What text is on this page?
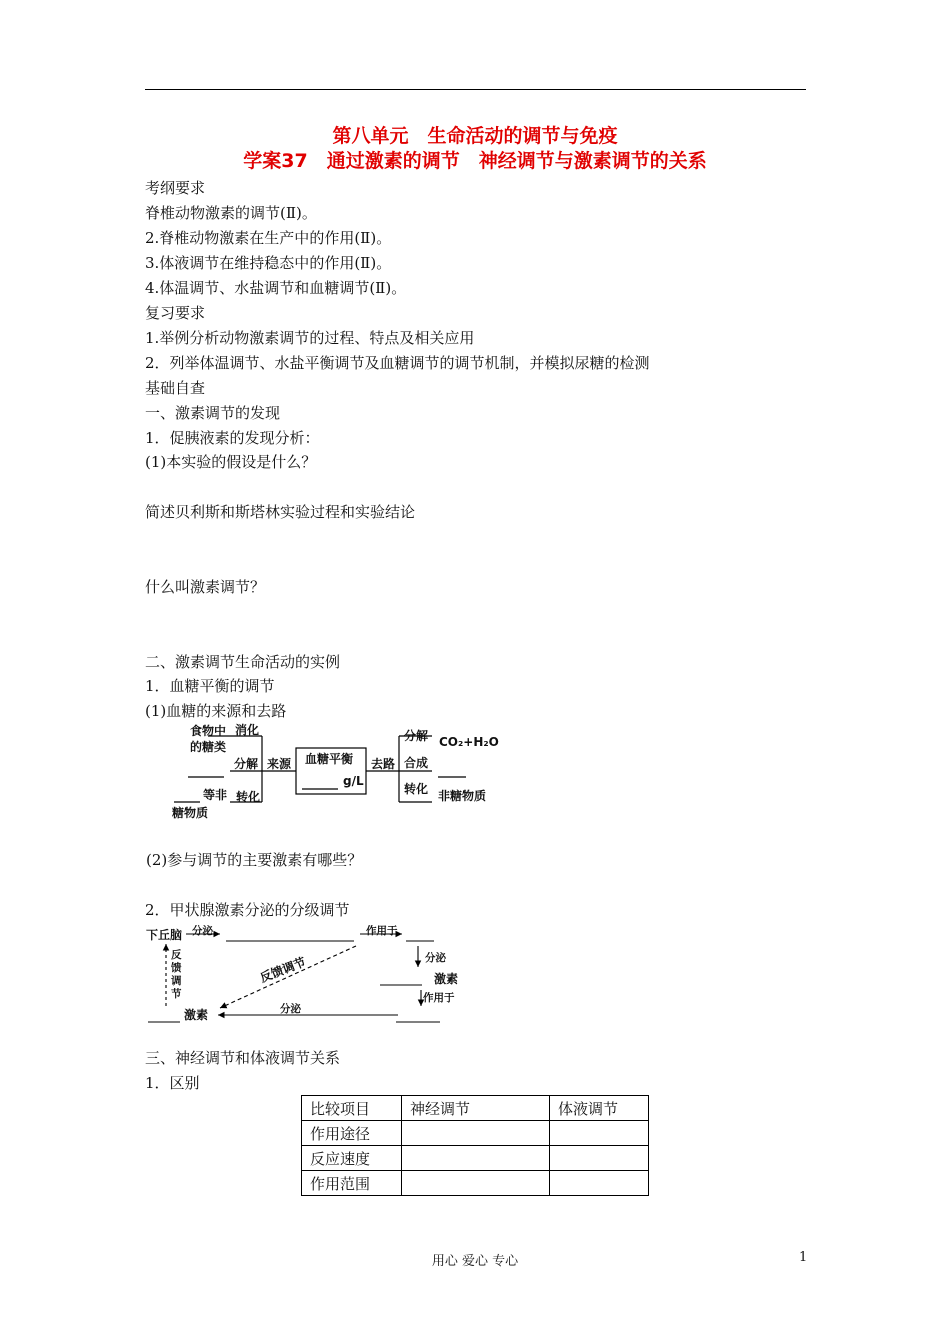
第八单元　生命活动的调节与免疫
学案37　通过激素的调节　神经调节与激素调节的关系
考纲要求
脊椎动物激素的调节(Ⅱ)。
2.脊椎动物激素在生产中的作用(Ⅱ)。
3.体液调节在维持稳态中的作用(Ⅱ)。
4.体温调节、水盐调节和血糖调节(Ⅱ)。
复习要求
1.举例分析动物激素调节的过程、特点及相关应用
2．列举体温调节、水盐平衡调节及血糖调节的调节机制，并模拟尿糖的检测
基础自查
一、激素调节的发现
1．促胰液素的发现分析：
(1)本实验的假设是什么？
简述贝利斯和斯塔林实验过程和实验结论
什么叫激素调节？
二、激素调节生命活动的实例
1．血糖平衡的调节
(1)血糖的来源和去路
食物中
的糖类
消化
分解
等非
糖物质
转化
来源 血糖平衡
g/L
去路
分解 CO₂+H₂O
合成
转化 非糖物质
(2)参与调节的主要激素有哪些？
2．甲状腺激素分泌的分级调节
下丘脑 分泌	作用于
反
馈
调
节
反馈调节	分泌
激素
作用于
分泌
激素
三、神经调节和体液调节关系
1．区别
比较项目	神经调节	体液调节
作用途径		
反应速度		
作用范围		
用心 爱心 专心	1
